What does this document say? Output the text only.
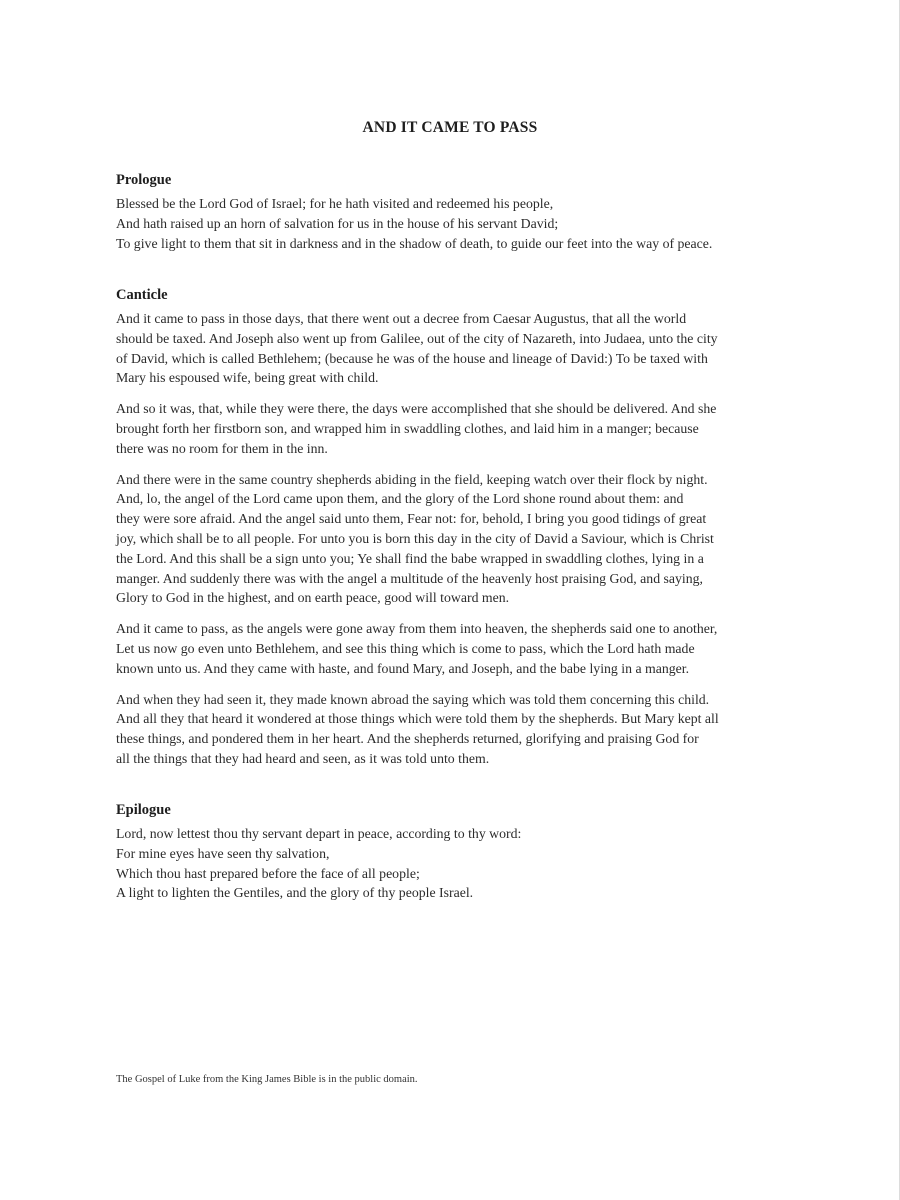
AND IT CAME TO PASS
Prologue
Blessed be the Lord God of Israel; for he hath visited and redeemed his people,
And hath raised up an horn of salvation for us in the house of his servant David;
To give light to them that sit in darkness and in the shadow of death, to guide our feet into the way of peace.
Canticle
And it came to pass in those days, that there went out a decree from Caesar Augustus, that all the world
should be taxed. And Joseph also went up from Galilee, out of the city of Nazareth, into Judaea, unto the city
of David, which is called Bethlehem; (because he was of the house and lineage of David:) To be taxed with
Mary his espoused wife, being great with child.
And so it was, that, while they were there, the days were accomplished that she should be delivered. And she
brought forth her firstborn son, and wrapped him in swaddling clothes, and laid him in a manger; because
there was no room for them in the inn.
And there were in the same country shepherds abiding in the field, keeping watch over their flock by night.
And, lo, the angel of the Lord came upon them, and the glory of the Lord shone round about them: and
they were sore afraid. And the angel said unto them, Fear not: for, behold, I bring you good tidings of great
joy, which shall be to all people. For unto you is born this day in the city of David a Saviour, which is Christ
the Lord. And this shall be a sign unto you; Ye shall find the babe wrapped in swaddling clothes, lying in a
manger. And suddenly there was with the angel a multitude of the heavenly host praising God, and saying,
Glory to God in the highest, and on earth peace, good will toward men.
And it came to pass, as the angels were gone away from them into heaven, the shepherds said one to another,
Let us now go even unto Bethlehem, and see this thing which is come to pass, which the Lord hath made
known unto us. And they came with haste, and found Mary, and Joseph, and the babe lying in a manger.
And when they had seen it, they made known abroad the saying which was told them concerning this child.
And all they that heard it wondered at those things which were told them by the shepherds. But Mary kept all
these things, and pondered them in her heart. And the shepherds returned, glorifying and praising God for
all the things that they had heard and seen, as it was told unto them.
Epilogue
Lord, now lettest thou thy servant depart in peace, according to thy word:
For mine eyes have seen thy salvation,
Which thou hast prepared before the face of all people;
A light to lighten the Gentiles, and the glory of thy people Israel.

The Gospel of Luke from the King James Bible is in the public domain.
